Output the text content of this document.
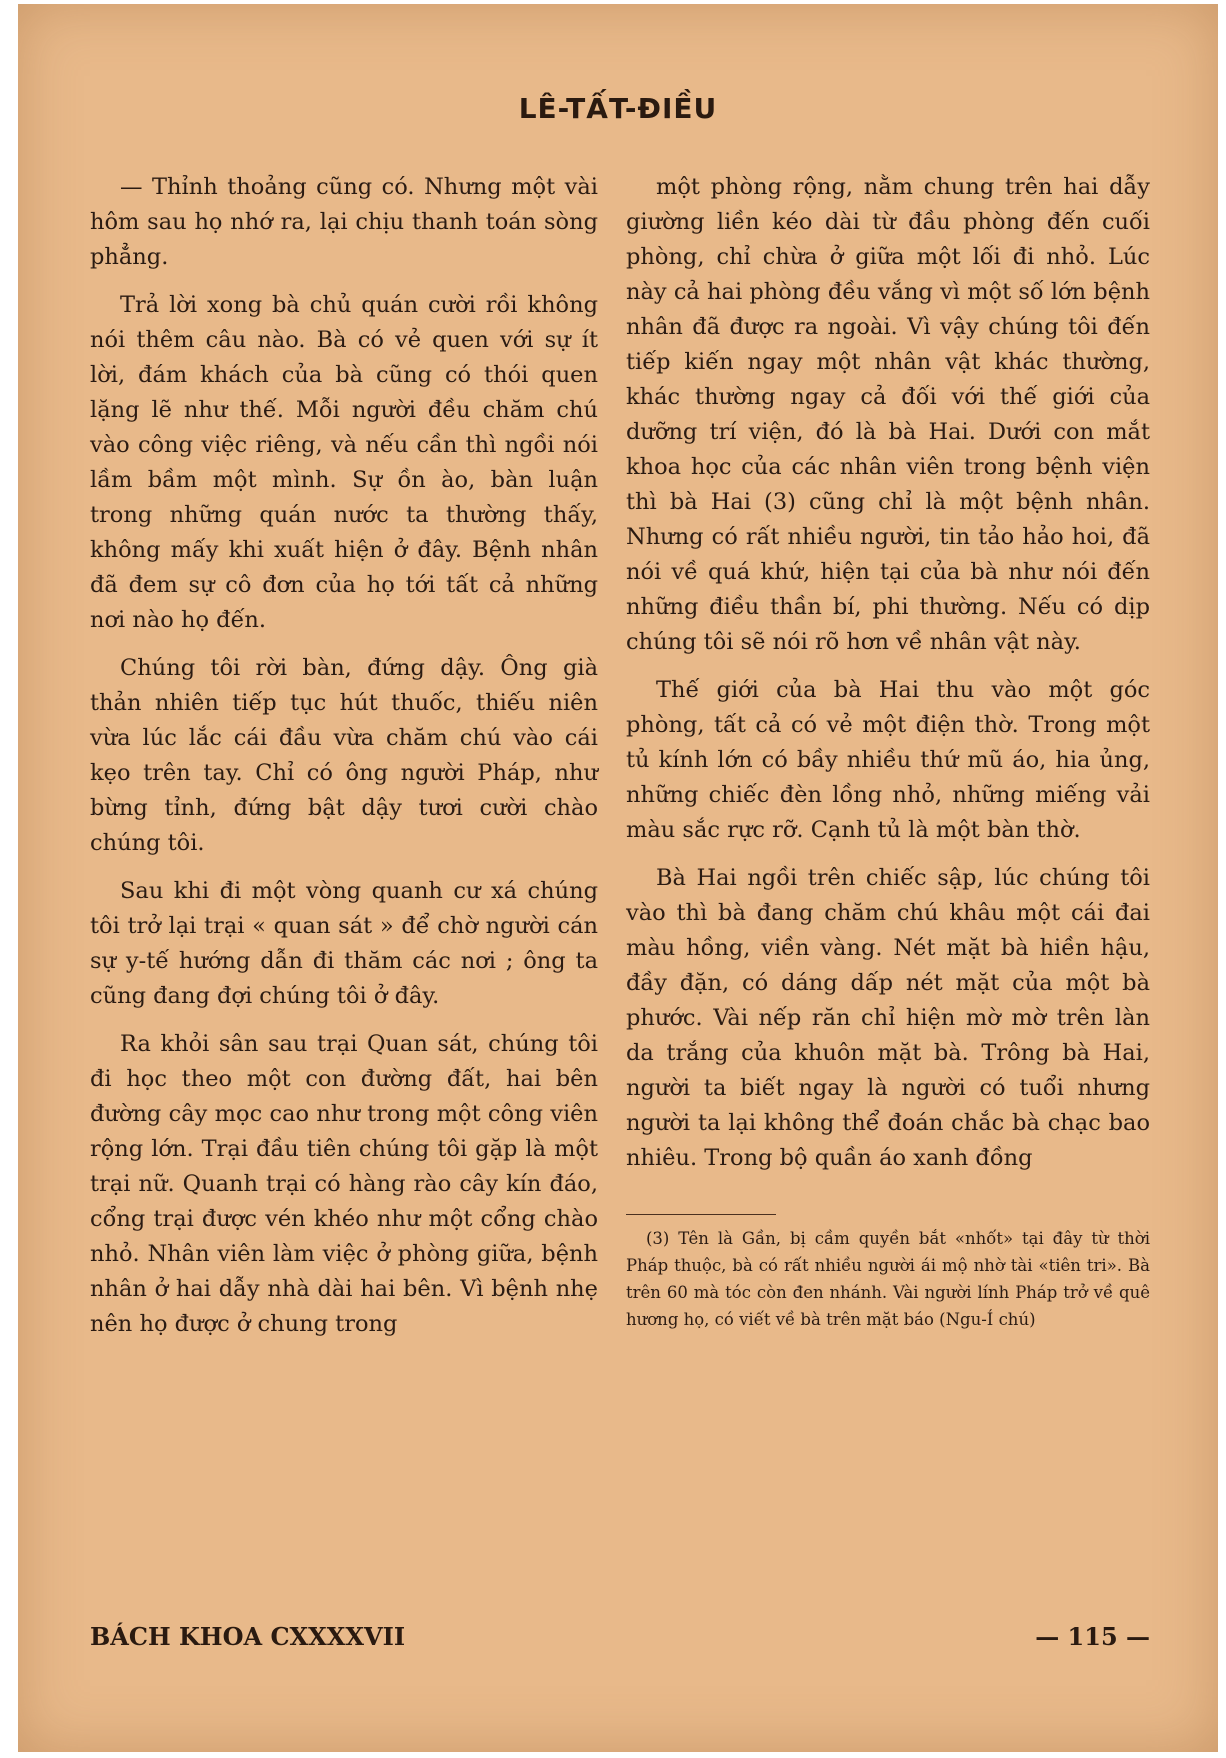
LÊ-TẤT-ĐIỀU

— Thỉnh thoảng cũng có. Nhưng một vài hôm sau họ nhớ ra, lại chịu thanh toán sòng phẳng.

Trả lời xong bà chủ quán cười rồi không nói thêm câu nào. Bà có vẻ quen với sự ít lời, đám khách của bà cũng có thói quen lặng lẽ như thế. Mỗi người đều chăm chú vào công việc riêng, và nếu cần thì ngồi nói lầm bầm một mình. Sự ồn ào, bàn luận trong những quán nước ta thường thấy, không mấy khi xuất hiện ở đây. Bệnh nhân đã đem sự cô đơn của họ tới tất cả những nơi nào họ đến.

Chúng tôi rời bàn, đứng dậy. Ông già thản nhiên tiếp tục hút thuốc, thiếu niên vừa lúc lắc cái đầu vừa chăm chú vào cái kẹo trên tay. Chỉ có ông người Pháp, như bừng tỉnh, đứng bật dậy tươi cười chào chúng tôi.

Sau khi đi một vòng quanh cư xá chúng tôi trở lại trại « quan sát » để chờ người cán sự y-tế hướng dẫn đi thăm các nơi ; ông ta cũng đang đợi chúng tôi ở đây.

Ra khỏi sân sau trại Quan sát, chúng tôi đi học theo một con đường đất, hai bên đường cây mọc cao như trong một công viên rộng lớn. Trại đầu tiên chúng tôi gặp là một trại nữ. Quanh trại có hàng rào cây kín đáo, cổng trại được vén khéo như một cổng chào nhỏ. Nhân viên làm việc ở phòng giữa, bệnh nhân ở hai dẫy nhà dài hai bên. Vì bệnh nhẹ nên họ được ở chung trong

một phòng rộng, nằm chung trên hai dẫy giường liền kéo dài từ đầu phòng đến cuối phòng, chỉ chừa ở giữa một lối đi nhỏ. Lúc này cả hai phòng đều vắng vì một số lớn bệnh nhân đã được ra ngoài. Vì vậy chúng tôi đến tiếp kiến ngay một nhân vật khác thường, khác thường ngay cả đối với thế giới của dưỡng trí viện, đó là bà Hai. Dưới con mắt khoa học của các nhân viên trong bệnh viện thì bà Hai (3) cũng chỉ là một bệnh nhân. Nhưng có rất nhiều người, tin tảo hảo hoi, đã nói về quá khứ, hiện tại của bà như nói đến những điều thần bí, phi thường. Nếu có dịp chúng tôi sẽ nói rõ hơn về nhân vật này.

Thế giới của bà Hai thu vào một góc phòng, tất cả có vẻ một điện thờ. Trong một tủ kính lớn có bầy nhiều thứ mũ áo, hia ủng, những chiếc đèn lồng nhỏ, những miếng vải màu sắc rực rỡ. Cạnh tủ là một bàn thờ.

Bà Hai ngồi trên chiếc sập, lúc chúng tôi vào thì bà đang chăm chú khâu một cái đai màu hồng, viền vàng. Nét mặt bà hiền hậu, đầy đặn, có dáng dấp nét mặt của một bà phước. Vài nếp răn chỉ hiện mờ mờ trên làn da trắng của khuôn mặt bà. Trông bà Hai, người ta biết ngay là người có tuổi nhưng người ta lại không thể đoán chắc bà chạc bao nhiêu. Trong bộ quần áo xanh đồng

(3) Tên là Gần, bị cầm quyền bắt «nhốt» tại đây từ thời Pháp thuộc, bà có rất nhiều người ái mộ nhờ tài «tiên tri». Bà trên 60 mà tóc còn đen nhánh. Vài người lính Pháp trở về quê hương họ, có viết về bà trên mặt báo (Ngu-Í chú)
BÁCH KHOA CXXXXVII	— 115 —
